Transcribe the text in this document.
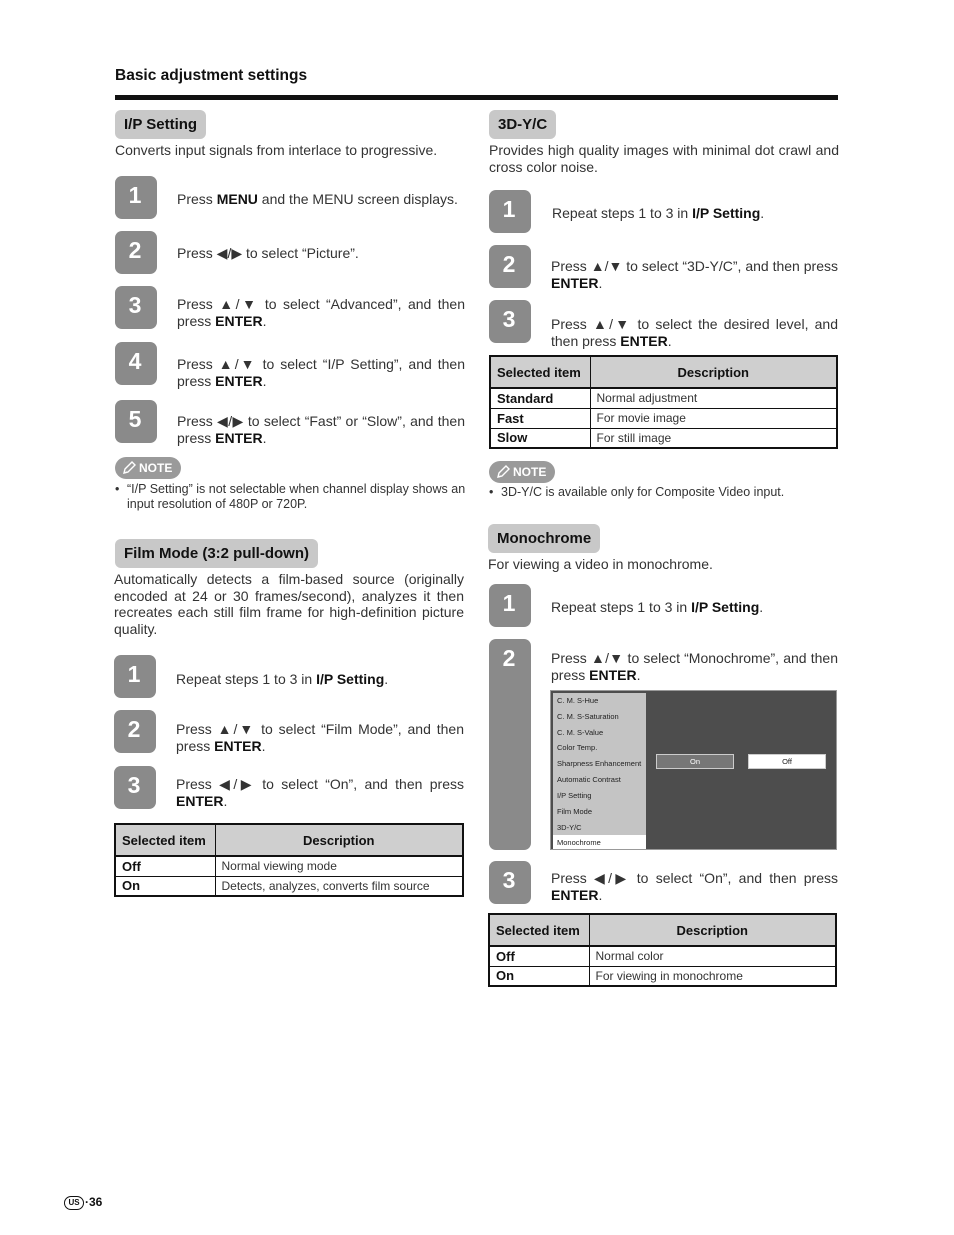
Basic adjustment settings
I/P Setting
Converts input signals from interlace to progressive.
1	Press MENU and the MENU screen displays.
2	Press ◀/▶ to select “Picture”.
3	Press ▲/▼ to select “Advanced”, and then press ENTER.
4	Press ▲/▼ to select “I/P Setting”, and then press ENTER.
5	Press ◀/▶ to select “Fast” or “Slow”, and then press ENTER.
NOTE
• “I/P Setting” is not selectable when channel display shows an input resolution of 480P or 720P.
Film Mode (3:2 pull-down)
Automatically detects a film-based source (originally encoded at 24 or 30 frames/second), analyzes it then recreates each still film frame for high-definition picture quality.
1	Repeat steps 1 to 3 in I/P Setting.
2	Press ▲/▼ to select “Film Mode”, and then press ENTER.
3	Press ◀/▶ to select “On”, and then press ENTER.
Selected item	Description
Off	Normal viewing mode
On	Detects, analyzes, converts film source
3D-Y/C
Provides high quality images with minimal dot crawl and cross color noise.
1	Repeat steps 1 to 3 in I/P Setting.
2	Press ▲/▼ to select “3D-Y/C”, and then press ENTER.
3	Press ▲/▼ to select the desired level, and then press ENTER.
Selected item	Description
Standard	Normal adjustment
Fast	For movie image
Slow	For still image
NOTE
• 3D-Y/C is available only for Composite Video input.
Monochrome
For viewing a video in monochrome.
1	Repeat steps 1 to 3 in I/P Setting.
2	Press ▲/▼ to select “Monochrome”, and then press ENTER.
C. M. S-Hue
C. M. S-Saturation
C. M. S-Value
Color Temp.
Sharpness Enhancement
Automatic Contrast
I/P Setting
Film Mode
3D-Y/C
Monochrome
On	Off
3	Press ◀/▶ to select “On”, and then press ENTER.
Selected item	Description
Off	Normal color
On	For viewing in monochrome
US ·36
